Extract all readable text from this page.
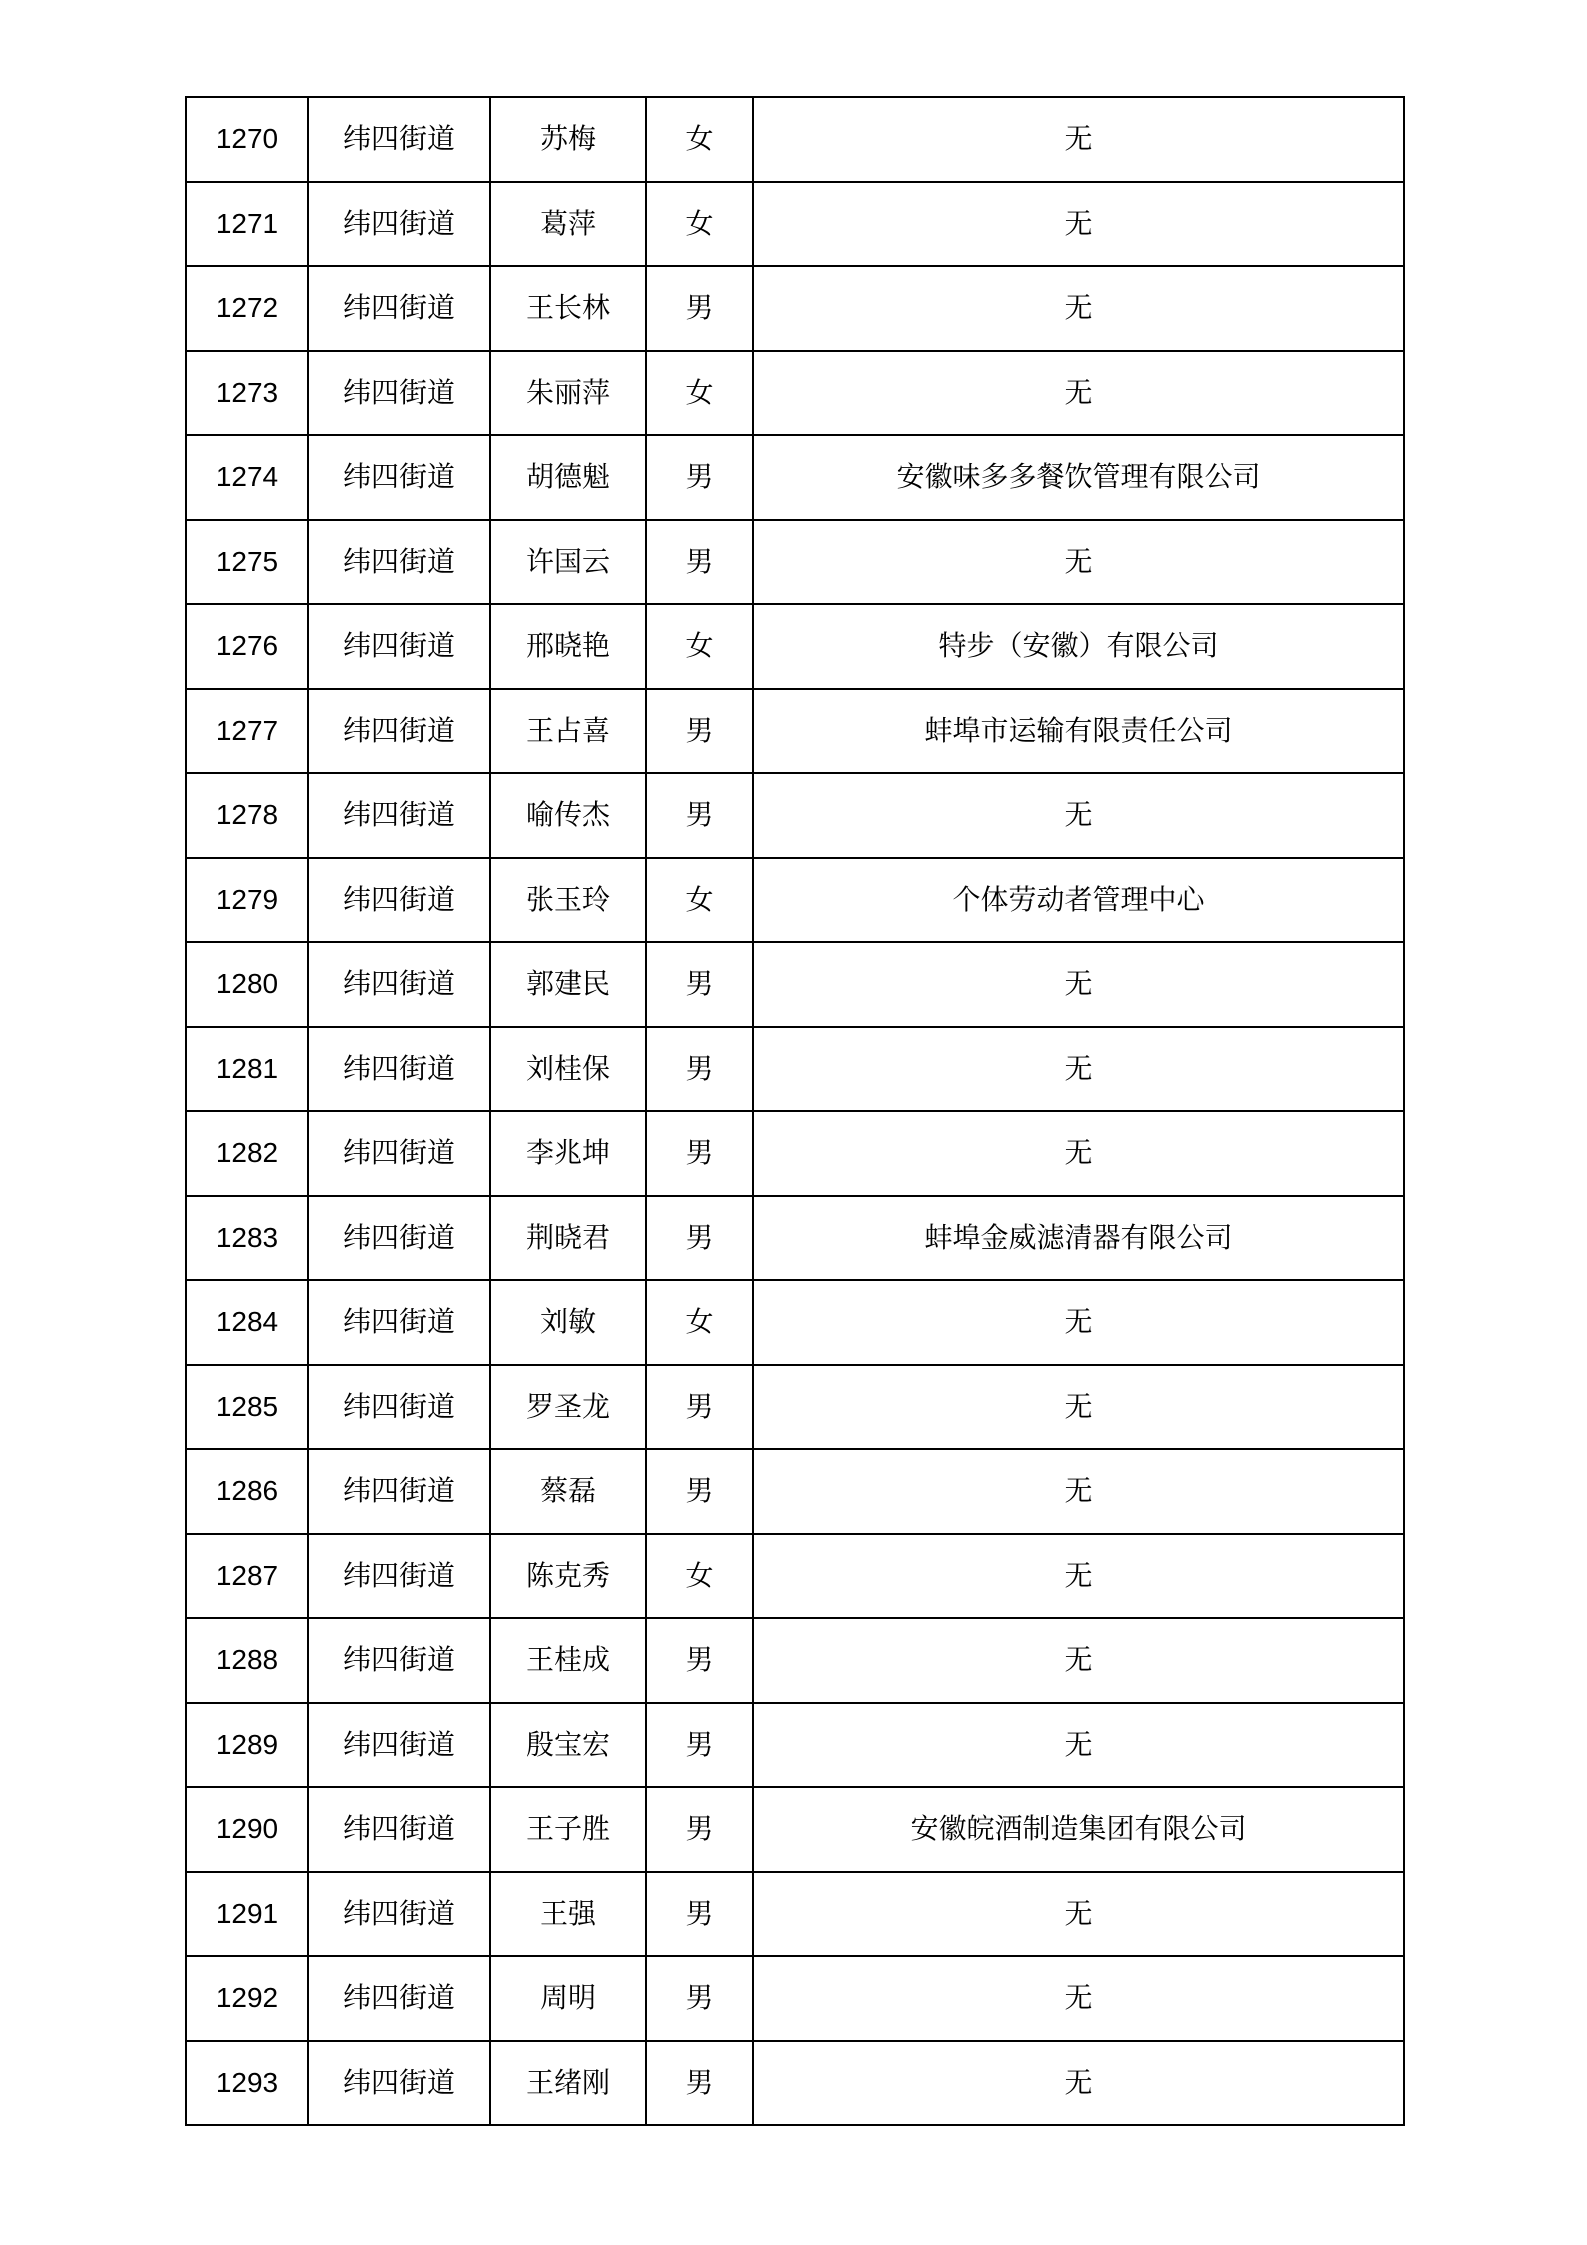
1270	纬四街道	苏梅	女	无
1271	纬四街道	葛萍	女	无
1272	纬四街道	王长林	男	无
1273	纬四街道	朱丽萍	女	无
1274	纬四街道	胡德魁	男	安徽味多多餐饮管理有限公司
1275	纬四街道	许国云	男	无
1276	纬四街道	邢晓艳	女	特步（安徽）有限公司
1277	纬四街道	王占喜	男	蚌埠市运输有限责任公司
1278	纬四街道	喻传杰	男	无
1279	纬四街道	张玉玲	女	个体劳动者管理中心
1280	纬四街道	郭建民	男	无
1281	纬四街道	刘桂保	男	无
1282	纬四街道	李兆坤	男	无
1283	纬四街道	荆晓君	男	蚌埠金威滤清器有限公司
1284	纬四街道	刘敏	女	无
1285	纬四街道	罗圣龙	男	无
1286	纬四街道	蔡磊	男	无
1287	纬四街道	陈克秀	女	无
1288	纬四街道	王桂成	男	无
1289	纬四街道	殷宝宏	男	无
1290	纬四街道	王子胜	男	安徽皖酒制造集团有限公司
1291	纬四街道	王强	男	无
1292	纬四街道	周明	男	无
1293	纬四街道	王绪刚	男	无
